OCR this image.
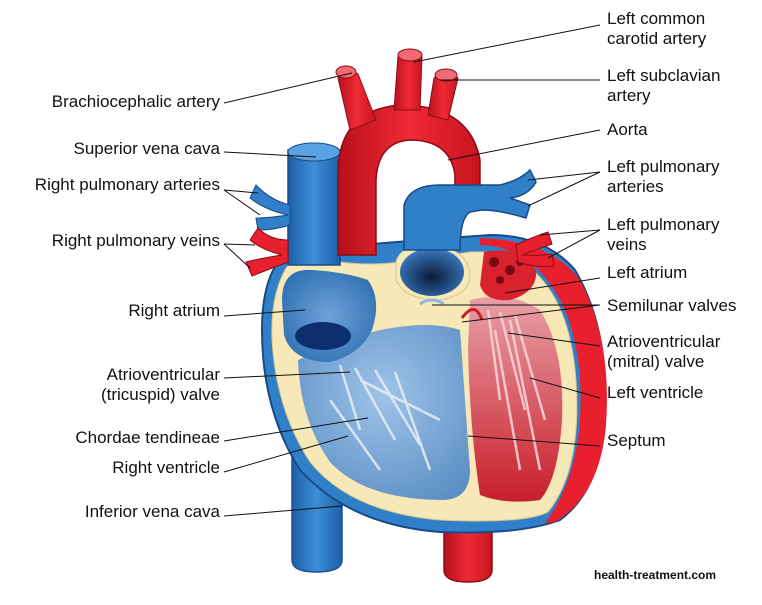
Brachiocephalic artery
Superior vena cava
Right pulmonary arteries
Right pulmonary veins
Right atrium
Atrioventricular
(tricuspid) valve
Chordae tendineae
Right ventricle
Inferior vena cava
Left common
carotid artery
Left subclavian
artery
Aorta
Left pulmonary
arteries
Left pulmonary
veins
Left atrium
Semilunar valves
Atrioventricular
(mitral) valve
Left ventricle
Septum
health-treatment.com
